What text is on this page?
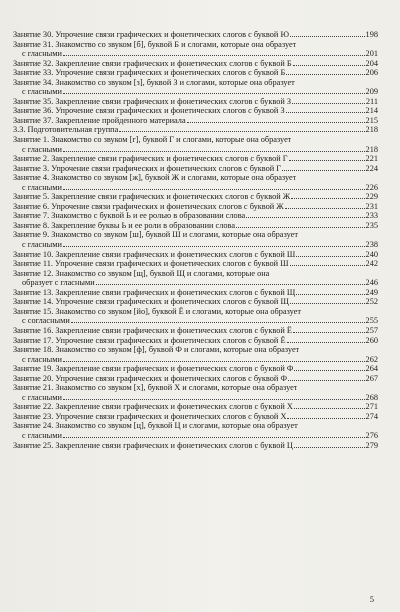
Занятие 30. Упрочение связи графических и фонетических слогов с буквой Ю	198
Занятие 31. Знакомство со звуком [б], буквой Б и слогами, которые она образует
с гласными	201
Занятие 32. Закрепление связи графических и фонетических слогов с буквой Б	204
Занятие 33. Упрочение связи графических и фонетических слогов с буквой Б	206
Занятие 34. Знакомство со звуком [з], буквой З и слогами, которые она образует
с гласными	209
Занятие 35. Закрепление связи графических и фонетических слогов с буквой З	211
Занятие 36. Упрочение связи графических и фонетических слогов с буквой З	214
Занятие 37. Закрепление пройденного материала	215
3.3. Подготовительная группа	218
Занятие 1. Знакомство со звуком [г], буквой Г и слогами, которые она образует
с гласными	218
Занятие 2. Закрепление связи графических и фонетических слогов с буквой Г	221
Занятие 3. Упрочение связи графических и фонетических слогов с буквой Г	224
Занятие 4. Знакомство со звуком [ж], буквой Ж и слогами, которые она образует
с гласными	226
Занятие 5. Закрепление связи графических и фонетических слогов с буквой Ж	229
Занятие 6. Упрочение связи графических и фонетических слогов с буквой Ж	231
Занятие 7. Знакомство с буквой Ь и ее ролью в образовании слова	233
Занятие 8. Закрепление буквы Ь и ее роли в образовании слова	235
Занятие 9. Знакомство со звуком [ш], буквой Ш и слогами, которые она образует
с гласными	238
Занятие 10. Закрепление связи графических и фонетических слогов с буквой Ш	240
Занятие 11. Упрочение связи графических и фонетических слогов с буквой Ш	242
Занятие 12. Знакомство со звуком [щ], буквой Щ и слогами, которые она
образует с гласными	246
Занятие 13. Закрепление связи графических и фонетических слогов с буквой Щ	249
Занятие 14. Упрочение связи графических и фонетических слогов с буквой Щ	252
Занятие 15. Знакомство со звуком [йо], буквой Ё и слогами, которые она образует
с согласными	255
Занятие 16. Закрепление связи графических и фонетических слогов с буквой Ё	257
Занятие 17. Упрочение связи графических и фонетических слогов с буквой Ё	260
Занятие 18. Знакомство со звуком [ф], буквой Ф и слогами, которые она образует
с гласными	262
Занятие 19. Закрепление связи графических и фонетических слогов с буквой Ф	264
Занятие 20. Упрочение связи графических и фонетических слогов с буквой Ф	267
Занятие 21. Знакомство со звуком [х], буквой Х и слогами, которые она образует
с гласными	268
Занятие 22. Закрепление связи графических и фонетических слогов с буквой Х	271
Занятие 23. Упрочение связи графических и фонетических слогов с буквой Х	274
Занятие 24. Знакомство со звуком [ц], буквой Ц и слогами, которые она образует
с гласными	276
Занятие 25. Закрепление связи графических и фонетических слогов с буквой Ц	279
5
